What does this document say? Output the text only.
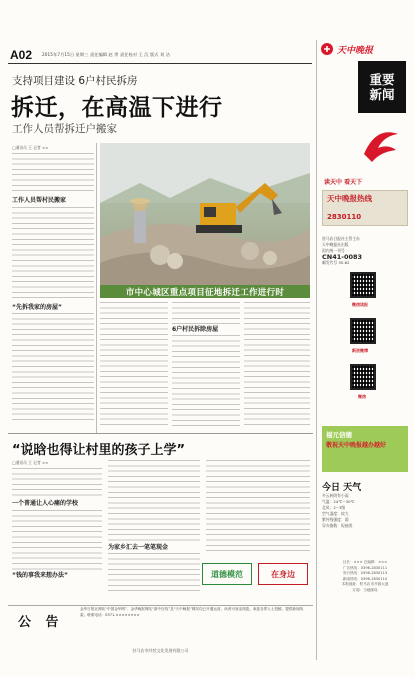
A02 2015年7月15日 星期三 责任编辑 赵 霁 责任校对 王 沉 版式 刘 洁
支持项目建设 6户村民拆房
拆迁，在高温下进行
工作人员帮拆迁户搬家
□通讯员 王 记者 ××
工作人员帮村民搬家
“先拆我家的房屋”
市中心城区重点项目征地拆迁工作进行时
6户村民拆除房屋
“说晗也得让村里的孩子上学”
□通讯员 王 记者 ××
一个普通让人心痛的学校
“钱的事我来想办法”
为家乡汇去一笔笔现金
道德模范	在身边
公 告
金华日报社网站“中国金华网”、金华晚报网站“浙中在线”及“天中晚报”网站均已开通运营，读者可登录浏览。欢迎各界人士投稿、提供新闻线索。联系电话：0571-××××××××
驻马店市经营文化发展有限公司
天中晚报
重要
新闻
读天中 看天下
天中晚报热线
2830110
驻马店日报社主管主办
天中晚报社出版
国内统一刊号
CN41-0083
邮发代号 35-62
微信读报
新浪微博
微信
福元信德
敬祝天中晚报越办越好
今日 天气
多云转阴有小雨
气温：24℃~30℃
北风：2~3级
空气湿度：较大
紫外线强度：弱
穿衣指数：短袖类
社长：××× 总编辑：×××
广告热线：0396-2830111
发行热线：0396-2830113
新闻热线：0396-2830110
本报地址：驻马店市开源大道
订阅：当地邮局
